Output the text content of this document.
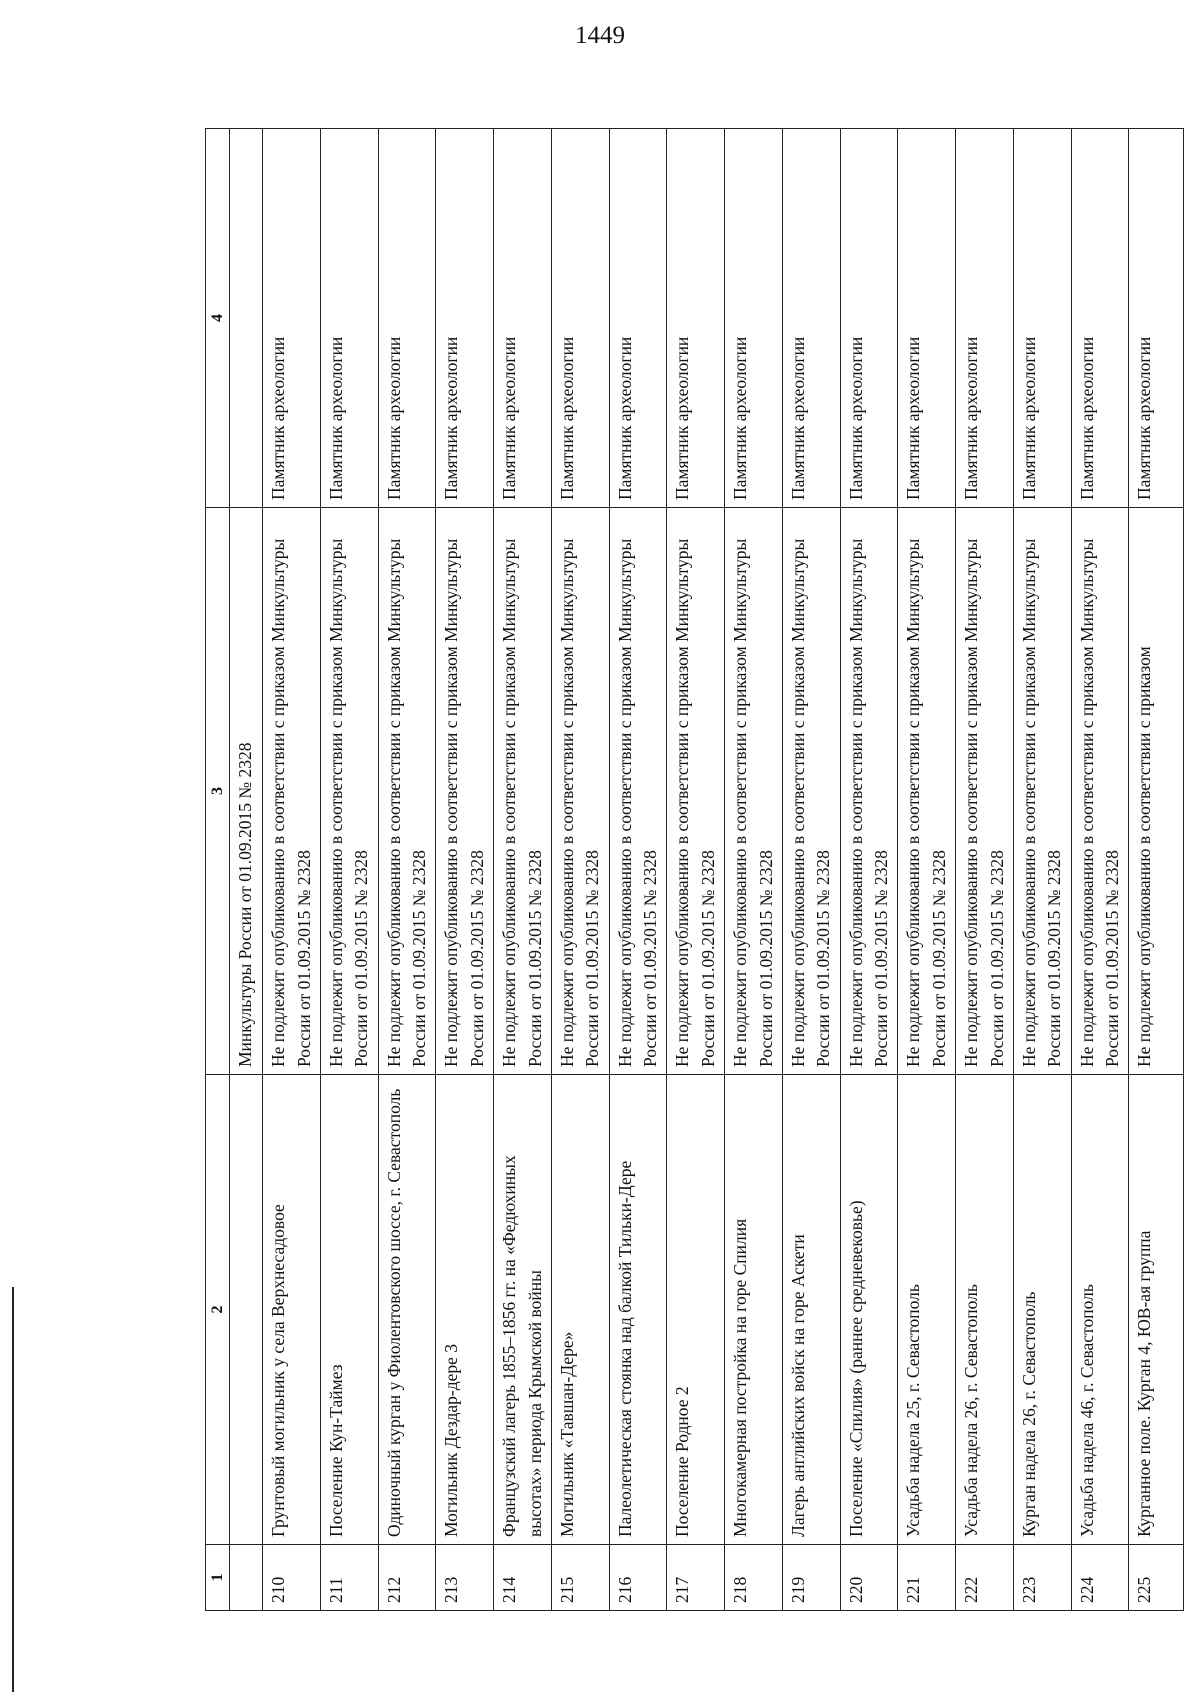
1449
1	2	3	4
		Минкультуры России от 01.09.2015 № 2328	
210	Грунтовый могильник у села Верхнесадовое	Не подлежит опубликованию в соответствии с приказом Минкультуры России от 01.09.2015 № 2328	Памятник археологии
211	Поселение Кун-Таймез	Не подлежит опубликованию в соответствии с приказом Минкультуры России от 01.09.2015 № 2328	Памятник археологии
212	Одиночный курган у Фиолентовского шоссе, г. Севастополь	Не подлежит опубликованию в соответствии с приказом Минкультуры России от 01.09.2015 № 2328	Памятник археологии
213	Могильник Дездар-дере 3	Не подлежит опубликованию в соответствии с приказом Минкультуры России от 01.09.2015 № 2328	Памятник археологии
214	Французский лагерь 1855–1856 гг. на «Федюхиных высотах» периода Крымской войны	Не подлежит опубликованию в соответствии с приказом Минкультуры России от 01.09.2015 № 2328	Памятник археологии
215	Могильник «Тавшан-Дере»	Не подлежит опубликованию в соответствии с приказом Минкультуры России от 01.09.2015 № 2328	Памятник археологии
216	Палеолетическая стоянка над балкой Тильки-Дере	Не подлежит опубликованию в соответствии с приказом Минкультуры России от 01.09.2015 № 2328	Памятник археологии
217	Поселение Родное 2	Не подлежит опубликованию в соответствии с приказом Минкультуры России от 01.09.2015 № 2328	Памятник археологии
218	Многокамерная постройка на горе Спилия	Не подлежит опубликованию в соответствии с приказом Минкультуры России от 01.09.2015 № 2328	Памятник археологии
219	Лагерь английских войск на горе Аскети	Не подлежит опубликованию в соответствии с приказом Минкультуры России от 01.09.2015 № 2328	Памятник археологии
220	Поселение «Спилия» (раннее средневековье)	Не подлежит опубликованию в соответствии с приказом Минкультуры России от 01.09.2015 № 2328	Памятник археологии
221	Усадьба надела 25, г. Севастополь	Не подлежит опубликованию в соответствии с приказом Минкультуры России от 01.09.2015 № 2328	Памятник археологии
222	Усадьба надела 26, г. Севастополь	Не подлежит опубликованию в соответствии с приказом Минкультуры России от 01.09.2015 № 2328	Памятник археологии
223	Курган надела 26, г. Севастополь	Не подлежит опубликованию в соответствии с приказом Минкультуры России от 01.09.2015 № 2328	Памятник археологии
224	Усадьба надела 46, г. Севастополь	Не подлежит опубликованию в соответствии с приказом Минкультуры России от 01.09.2015 № 2328	Памятник археологии
225	Курганное поле. Курган 4, ЮВ-ая группа	Не подлежит опубликованию в соответствии с приказом	Памятник археологии
